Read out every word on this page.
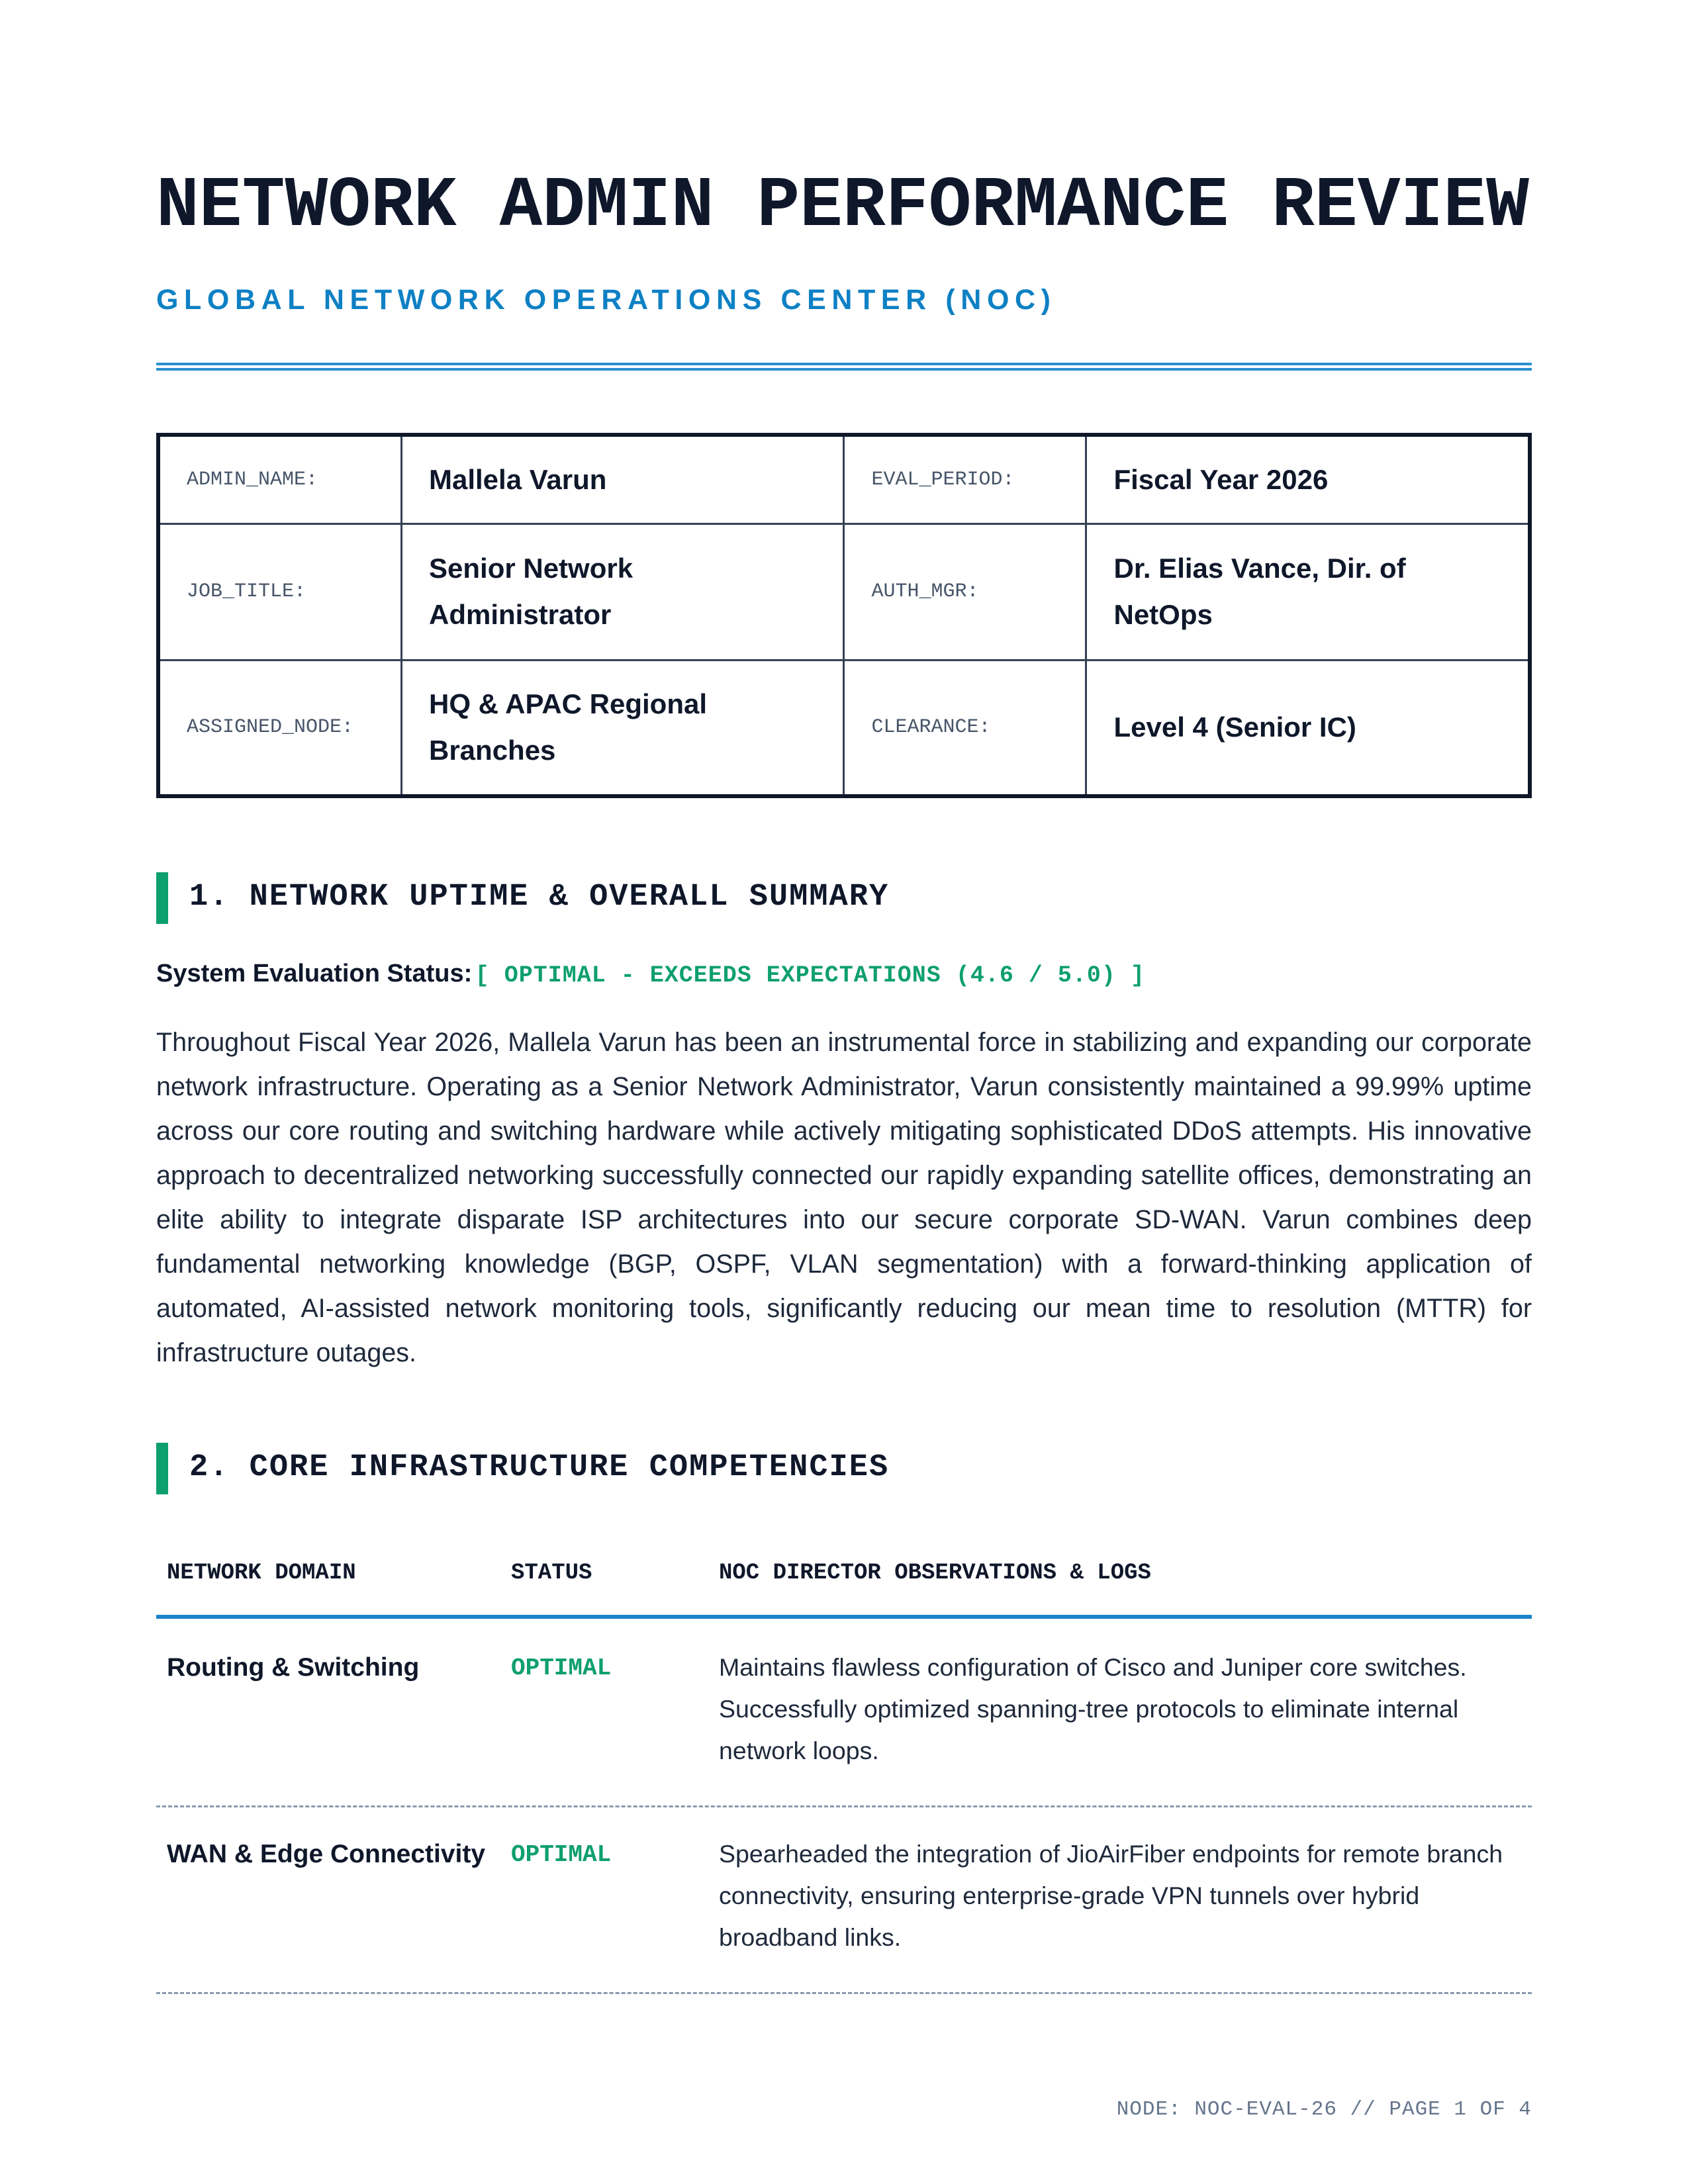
NETWORK ADMIN PERFORMANCE REVIEW
GLOBAL NETWORK OPERATIONS CENTER (NOC)
ADMIN_NAME:	Mallela Varun	EVAL_PERIOD:	Fiscal Year 2026
JOB_TITLE:	Senior Network Administrator	AUTH_MGR:	Dr. Elias Vance, Dir. of NetOps
ASSIGNED_NODE:	HQ & APAC Regional Branches	CLEARANCE:	Level 4 (Senior IC)
1. NETWORK UPTIME & OVERALL SUMMARY
System Evaluation Status: [ OPTIMAL - EXCEEDS EXPECTATIONS (4.6 / 5.0) ]
Throughout Fiscal Year 2026, Mallela Varun has been an instrumental force in stabilizing and expanding our corporate network infrastructure. Operating as a Senior Network Administrator, Varun consistently maintained a 99.99% uptime across our core routing and switching hardware while actively mitigating sophisticated DDoS attempts. His innovative approach to decentralized networking successfully connected our rapidly expanding satellite offices, demonstrating an elite ability to integrate disparate ISP architectures into our secure corporate SD-WAN. Varun combines deep fundamental networking knowledge (BGP, OSPF, VLAN segmentation) with a forward-thinking application of automated, AI-assisted network monitoring tools, significantly reducing our mean time to resolution (MTTR) for infrastructure outages.
2. CORE INFRASTRUCTURE COMPETENCIES
NETWORK DOMAIN	STATUS	NOC DIRECTOR OBSERVATIONS & LOGS
Routing & Switching	OPTIMAL	Maintains flawless configuration of Cisco and Juniper core switches. Successfully optimized spanning-tree protocols to eliminate internal network loops.
WAN & Edge Connectivity OPTIMAL	Spearheaded the integration of JioAirFiber endpoints for remote branch connectivity, ensuring enterprise-grade VPN tunnels over hybrid broadband links.
NODE: NOC-EVAL-26 // PAGE 1 OF 4
